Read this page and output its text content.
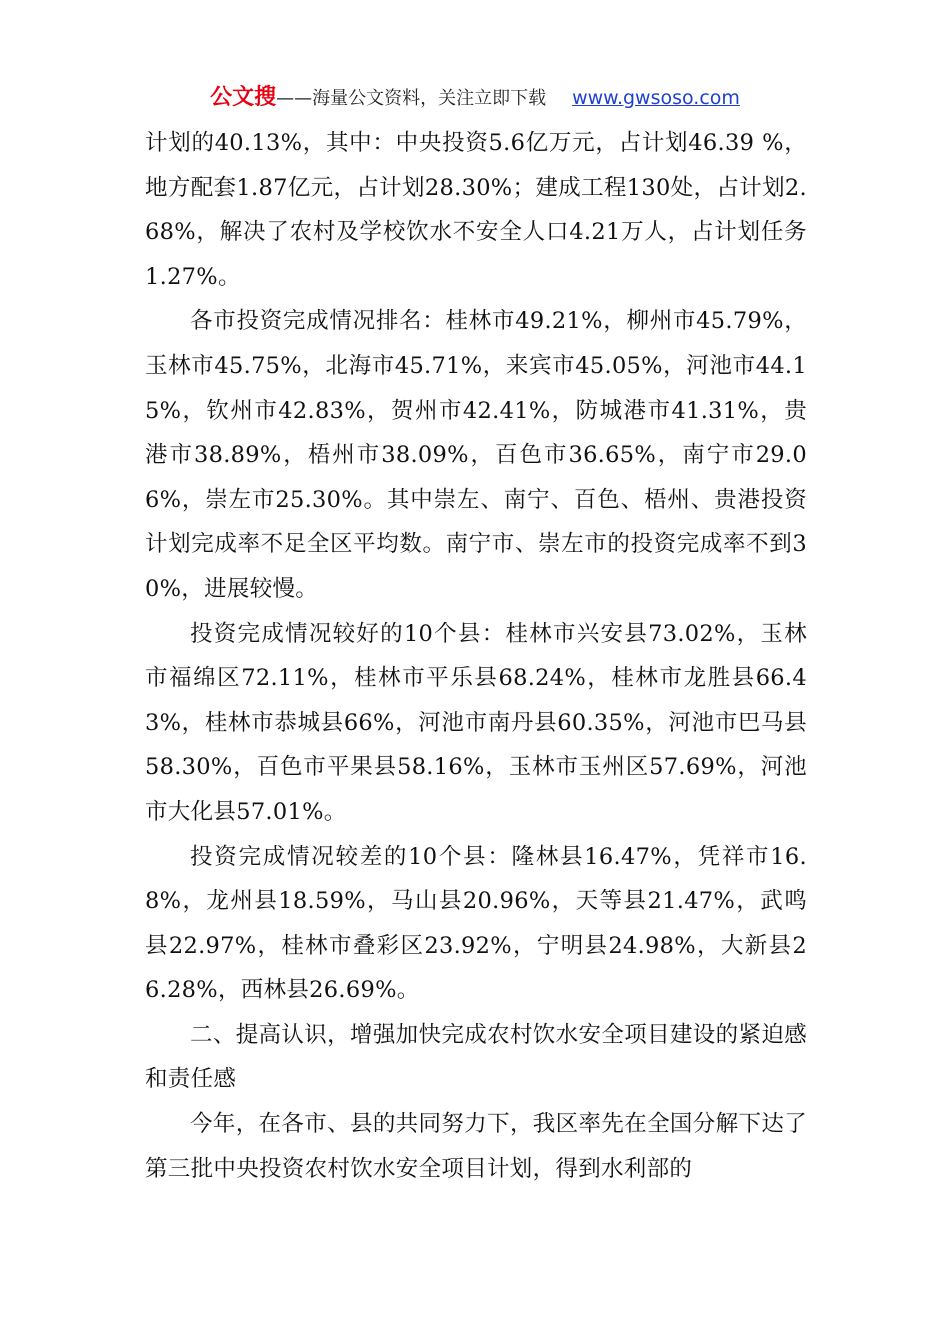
公文搜——海量公文资料，关注立即下载 www.gwsoso.com

计划的40.13%，其中：中央投资5.6亿万元，占计划46.39 %，地方配套1.87亿元，占计划28.30%；建成工程130处，占计划2.68%，解决了农村及学校饮水不安全人口4.21万人，占计划任务1.27%。

各市投资完成情况排名：桂林市49.21%，柳州市45.79%，玉林市45.75%，北海市45.71%，来宾市45.05%，河池市44.15%，钦州市42.83%，贺州市42.41%，防城港市41.31%，贵港市38.89%，梧州市38.09%，百色市36.65%，南宁市29.06%，崇左市25.30%。其中崇左、南宁、百色、梧州、贵港投资计划完成率不足全区平均数。南宁市、崇左市的投资完成率不到30%，进展较慢。

投资完成情况较好的10个县：桂林市兴安县73.02%，玉林市福绵区72.11%，桂林市平乐县68.24%，桂林市龙胜县66.43%，桂林市恭城县66%，河池市南丹县60.35%，河池市巴马县58.30%，百色市平果县58.16%，玉林市玉州区57.69%，河池市大化县57.01%。

投资完成情况较差的10个县：隆林县16.47%，凭祥市16.8%，龙州县18.59%，马山县20.96%，天等县21.47%，武鸣县22.97%，桂林市叠彩区23.92%，宁明县24.98%，大新县26.28%，西林县26.69%。

二、提高认识，增强加快完成农村饮水安全项目建设的紧迫感和责任感

今年，在各市、县的共同努力下，我区率先在全国分解下达了第三批中央投资农村饮水安全项目计划，得到水利部的
